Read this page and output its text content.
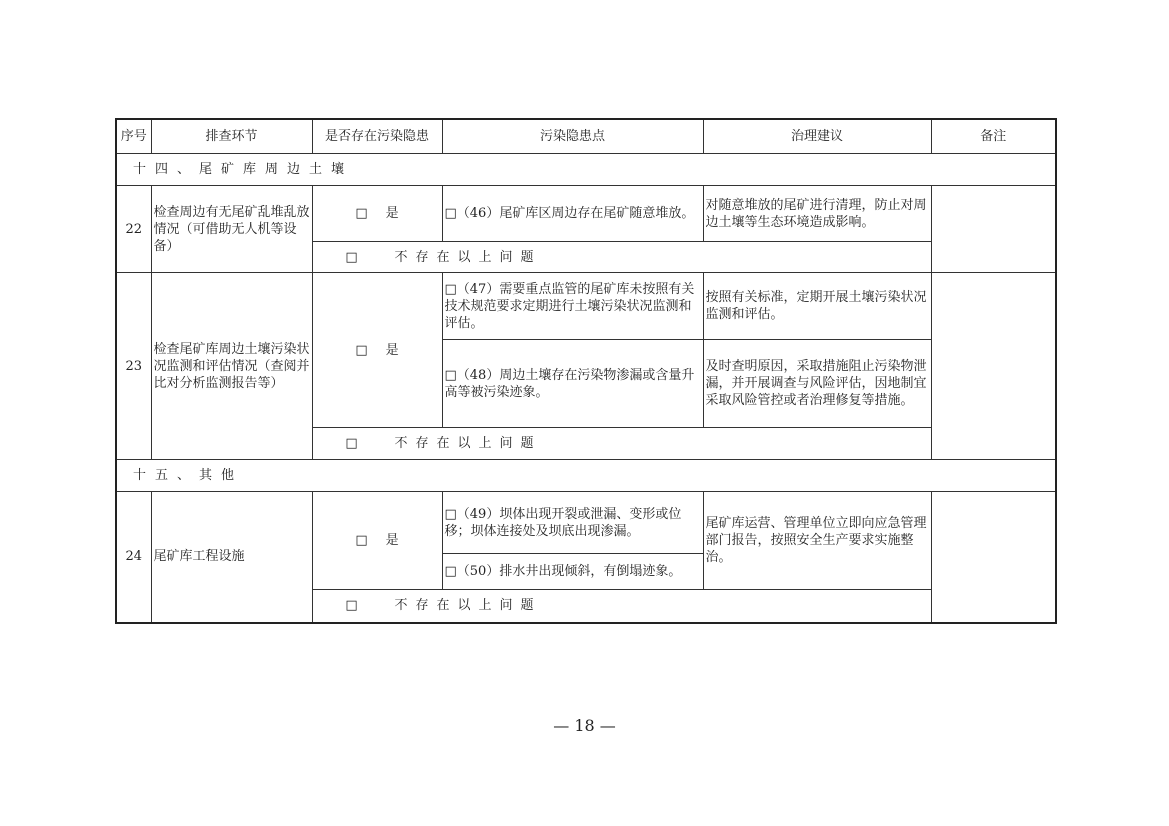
序号	排查环节	是否存在污染隐患	污染隐患点	治理建议	备注
十四、尾矿库周边土壤					
22	检查周边有无尾矿乱堆乱放情况（可借助无人机等设备）	□ 是	□（46）尾矿库区周边存在尾矿随意堆放。	对随意堆放的尾矿进行清理，防止对周边土壤等生态环境造成影响。	
		□ 不存在以上问题			
23	检查尾矿库周边土壤污染状况监测和评估情况（查阅并比对分析监测报告等）	□ 是	□（47）需要重点监管的尾矿库未按照有关技术规范要求定期进行土壤污染状况监测和评估。	按照有关标准，定期开展土壤污染状况监测和评估。	
			□（48）周边土壤存在污染物渗漏或含量升高等被污染迹象。	及时查明原因，采取措施阻止污染物泄漏，并开展调查与风险评估，因地制宜采取风险管控或者治理修复等措施。	
		□ 不存在以上问题			
十五、其他					
24	尾矿库工程设施	□ 是	□（49）坝体出现开裂或泄漏、变形或位移；坝体连接处及坝底出现渗漏。	尾矿库运营、管理单位立即向应急管理部门报告，按照安全生产要求实施整治。	
			□（50）排水井出现倾斜，有倒塌迹象。		
		□ 不存在以上问题			
— 18 —
